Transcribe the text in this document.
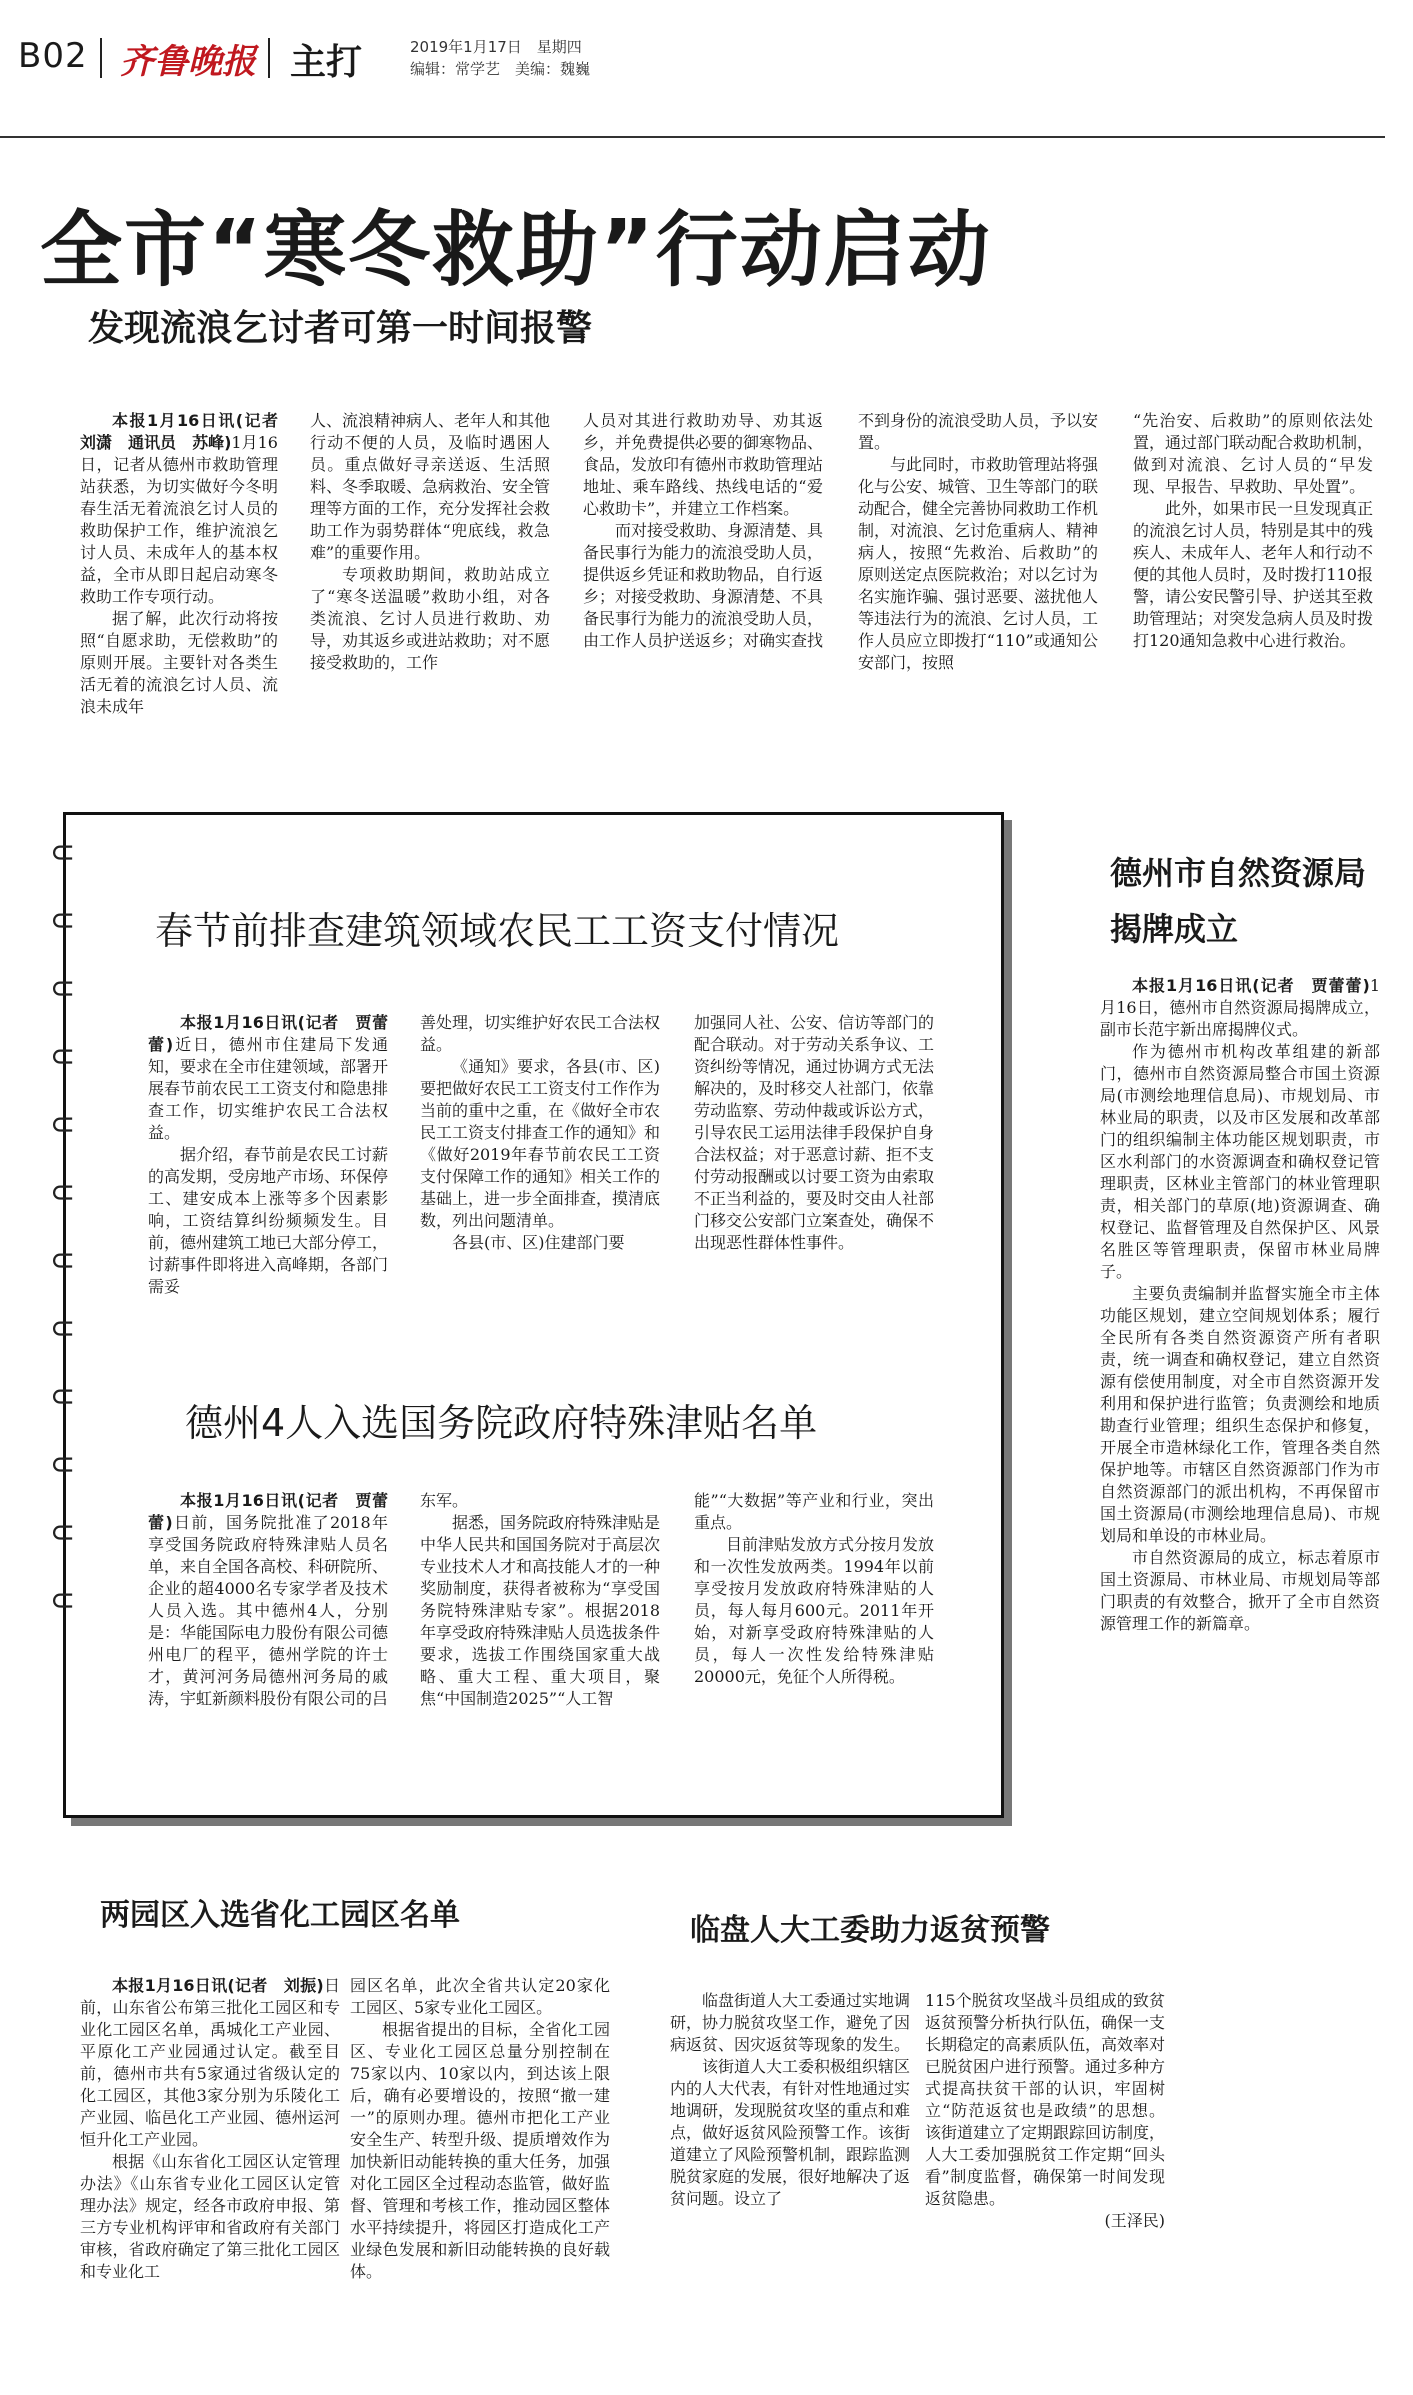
B02 齐鲁晚报 主打	2019年1月17日　星期四
编辑：常学艺　美编：魏巍
全市“寒冬救助”行动启动
发现流浪乞讨者可第一时间报警

本报1月16日讯(记者　刘潇　通讯员　苏峰)1月16日，记者从德州市救助管理站获悉，为切实做好今冬明春生活无着流浪乞讨人员的救助保护工作，维护流浪乞讨人员、未成年人的基本权益，全市从即日起启动寒冬救助工作专项行动。

据了解，此次行动将按照“自愿求助，无偿救助”的原则开展。主要针对各类生活无着的流浪乞讨人员、流浪未成年

人、流浪精神病人、老年人和其他行动不便的人员，及临时遇困人员。重点做好寻亲送返、生活照料、冬季取暖、急病救治、安全管理等方面的工作，充分发挥社会救助工作为弱势群体“兜底线，救急难”的重要作用。

专项救助期间，救助站成立了“寒冬送温暖”救助小组，对各类流浪、乞讨人员进行救助、劝导，劝其返乡或进站救助；对不愿接受救助的，工作

人员对其进行救助劝导、劝其返乡，并免费提供必要的御寒物品、食品，发放印有德州市救助管理站地址、乘车路线、热线电话的“爱心救助卡”，并建立工作档案。

而对接受救助、身源清楚、具备民事行为能力的流浪受助人员，提供返乡凭证和救助物品，自行返乡；对接受救助、身源清楚、不具备民事行为能力的流浪受助人员，由工作人员护送返乡；对确实查找

不到身份的流浪受助人员，予以安置。

与此同时，市救助管理站将强化与公安、城管、卫生等部门的联动配合，健全完善协同救助工作机制，对流浪、乞讨危重病人、精神病人，按照“先救治、后救助”的原则送定点医院救治；对以乞讨为名实施诈骗、强讨恶要、滋扰他人等违法行为的流浪、乞讨人员，工作人员应立即拨打“110”或通知公安部门，按照

“先治安、后救助”的原则依法处置，通过部门联动配合救助机制，做到对流浪、乞讨人员的“早发现、早报告、早救助、早处置”。

此外，如果市民一旦发现真正的流浪乞讨人员，特别是其中的残疾人、未成年人、老年人和行动不便的其他人员时，及时拨打110报警，请公安民警引导、护送其至救助管理站；对突发急病人员及时拨打120通知急救中心进行救治。

⊂
⊂
⊂
⊂
⊂
⊂
⊂
⊂
⊂
⊂
⊂
⊂
春节前排查建筑领域农民工工资支付情况

本报1月16日讯(记者　贾蕾蕾)近日，德州市住建局下发通知，要求在全市住建领域，部署开展春节前农民工工资支付和隐患排查工作，切实维护农民工合法权益。

据介绍，春节前是农民工讨薪的高发期，受房地产市场、环保停工、建安成本上涨等多个因素影响，工资结算纠纷频频发生。目前，德州建筑工地已大部分停工，讨薪事件即将进入高峰期，各部门需妥

善处理，切实维护好农民工合法权益。

《通知》要求，各县(市、区)要把做好农民工工资支付工作作为当前的重中之重，在《做好全市农民工工资支付排查工作的通知》和《做好2019年春节前农民工工资支付保障工作的通知》相关工作的基础上，进一步全面排查，摸清底数，列出问题清单。

各县(市、区)住建部门要

加强同人社、公安、信访等部门的配合联动。对于劳动关系争议、工资纠纷等情况，通过协调方式无法解决的，及时移交人社部门，依靠劳动监察、劳动仲裁或诉讼方式，引导农民工运用法律手段保护自身合法权益；对于恶意讨薪、拒不支付劳动报酬或以讨要工资为由索取不正当利益的，要及时交由人社部门移交公安部门立案查处，确保不出现恶性群体性事件。

德州4人入选国务院政府特殊津贴名单

本报1月16日讯(记者　贾蕾蕾)日前，国务院批准了2018年享受国务院政府特殊津贴人员名单，来自全国各高校、科研院所、企业的超4000名专家学者及技术人员入选。其中德州4人，分别是：华能国际电力股份有限公司德州电厂的程平，德州学院的许士才，黄河河务局德州河务局的戚涛，宇虹新颜料股份有限公司的吕

东军。

据悉，国务院政府特殊津贴是中华人民共和国国务院对于高层次专业技术人才和高技能人才的一种奖励制度，获得者被称为“享受国务院特殊津贴专家”。根据2018年享受政府特殊津贴人员选拔条件要求，选拔工作围绕国家重大战略、重大工程、重大项目，聚焦“中国制造2025”“人工智

能”“大数据”等产业和行业，突出重点。

目前津贴发放方式分按月发放和一次性发放两类。1994年以前享受按月发放政府特殊津贴的人员，每人每月600元。2011年开始，对新享受政府特殊津贴的人员，每人一次性发给特殊津贴20000元，免征个人所得税。

德州市自然资源局
揭牌成立

本报1月16日讯(记者　贾蕾蕾)1月16日，德州市自然资源局揭牌成立，副市长范宇新出席揭牌仪式。

作为德州市机构改革组建的新部门，德州市自然资源局整合市国土资源局(市测绘地理信息局)、市规划局、市林业局的职责，以及市区发展和改革部门的组织编制主体功能区规划职责，市区水利部门的水资源调查和确权登记管理职责，区林业主管部门的林业管理职责，相关部门的草原(地)资源调查、确权登记、监督管理及自然保护区、风景名胜区等管理职责，保留市林业局牌子。

主要负责编制并监督实施全市主体功能区规划，建立空间规划体系；履行全民所有各类自然资源资产所有者职责，统一调查和确权登记，建立自然资源有偿使用制度，对全市自然资源开发利用和保护进行监管；负责测绘和地质勘查行业管理；组织生态保护和修复，开展全市造林绿化工作，管理各类自然保护地等。市辖区自然资源部门作为市自然资源部门的派出机构，不再保留市国土资源局(市测绘地理信息局)、市规划局和单设的市林业局。

市自然资源局的成立，标志着原市国土资源局、市林业局、市规划局等部门职责的有效整合，掀开了全市自然资源管理工作的新篇章。

两园区入选省化工园区名单

本报1月16日讯(记者　刘振)日前，山东省公布第三批化工园区和专业化工园区名单，禹城化工产业园、平原化工产业园通过认定。截至目前，德州市共有5家通过省级认定的化工园区，其他3家分别为乐陵化工产业园、临邑化工产业园、德州运河恒升化工产业园。

根据《山东省化工园区认定管理办法》《山东省专业化工园区认定管理办法》规定，经各市政府申报、第三方专业机构评审和省政府有关部门审核，省政府确定了第三批化工园区和专业化工

园区名单，此次全省共认定20家化工园区、5家专业化工园区。

根据省提出的目标，全省化工园区、专业化工园区总量分别控制在75家以内、10家以内，到达该上限后，确有必要增设的，按照“撤一建一”的原则办理。德州市把化工产业安全生产、转型升级、提质增效作为加快新旧动能转换的重大任务，加强对化工园区全过程动态监管，做好监督、管理和考核工作，推动园区整体水平持续提升，将园区打造成化工产业绿色发展和新旧动能转换的良好载体。

临盘人大工委助力返贫预警

临盘街道人大工委通过实地调研，协力脱贫攻坚工作，避免了因病返贫、因灾返贫等现象的发生。

该街道人大工委积极组织辖区内的人大代表，有针对性地通过实地调研，发现脱贫攻坚的重点和难点，做好返贫风险预警工作。该街道建立了风险预警机制，跟踪监测脱贫家庭的发展，很好地解决了返贫问题。设立了

115个脱贫攻坚战斗员组成的致贫返贫预警分析执行队伍，确保一支长期稳定的高素质队伍，高效率对已脱贫困户进行预警。通过多种方式提高扶贫干部的认识，牢固树立“防范返贫也是政绩”的思想。该街道建立了定期跟踪回访制度，人大工委加强脱贫工作定期“回头看”制度监督，确保第一时间发现返贫隐患。

(王泽民)
